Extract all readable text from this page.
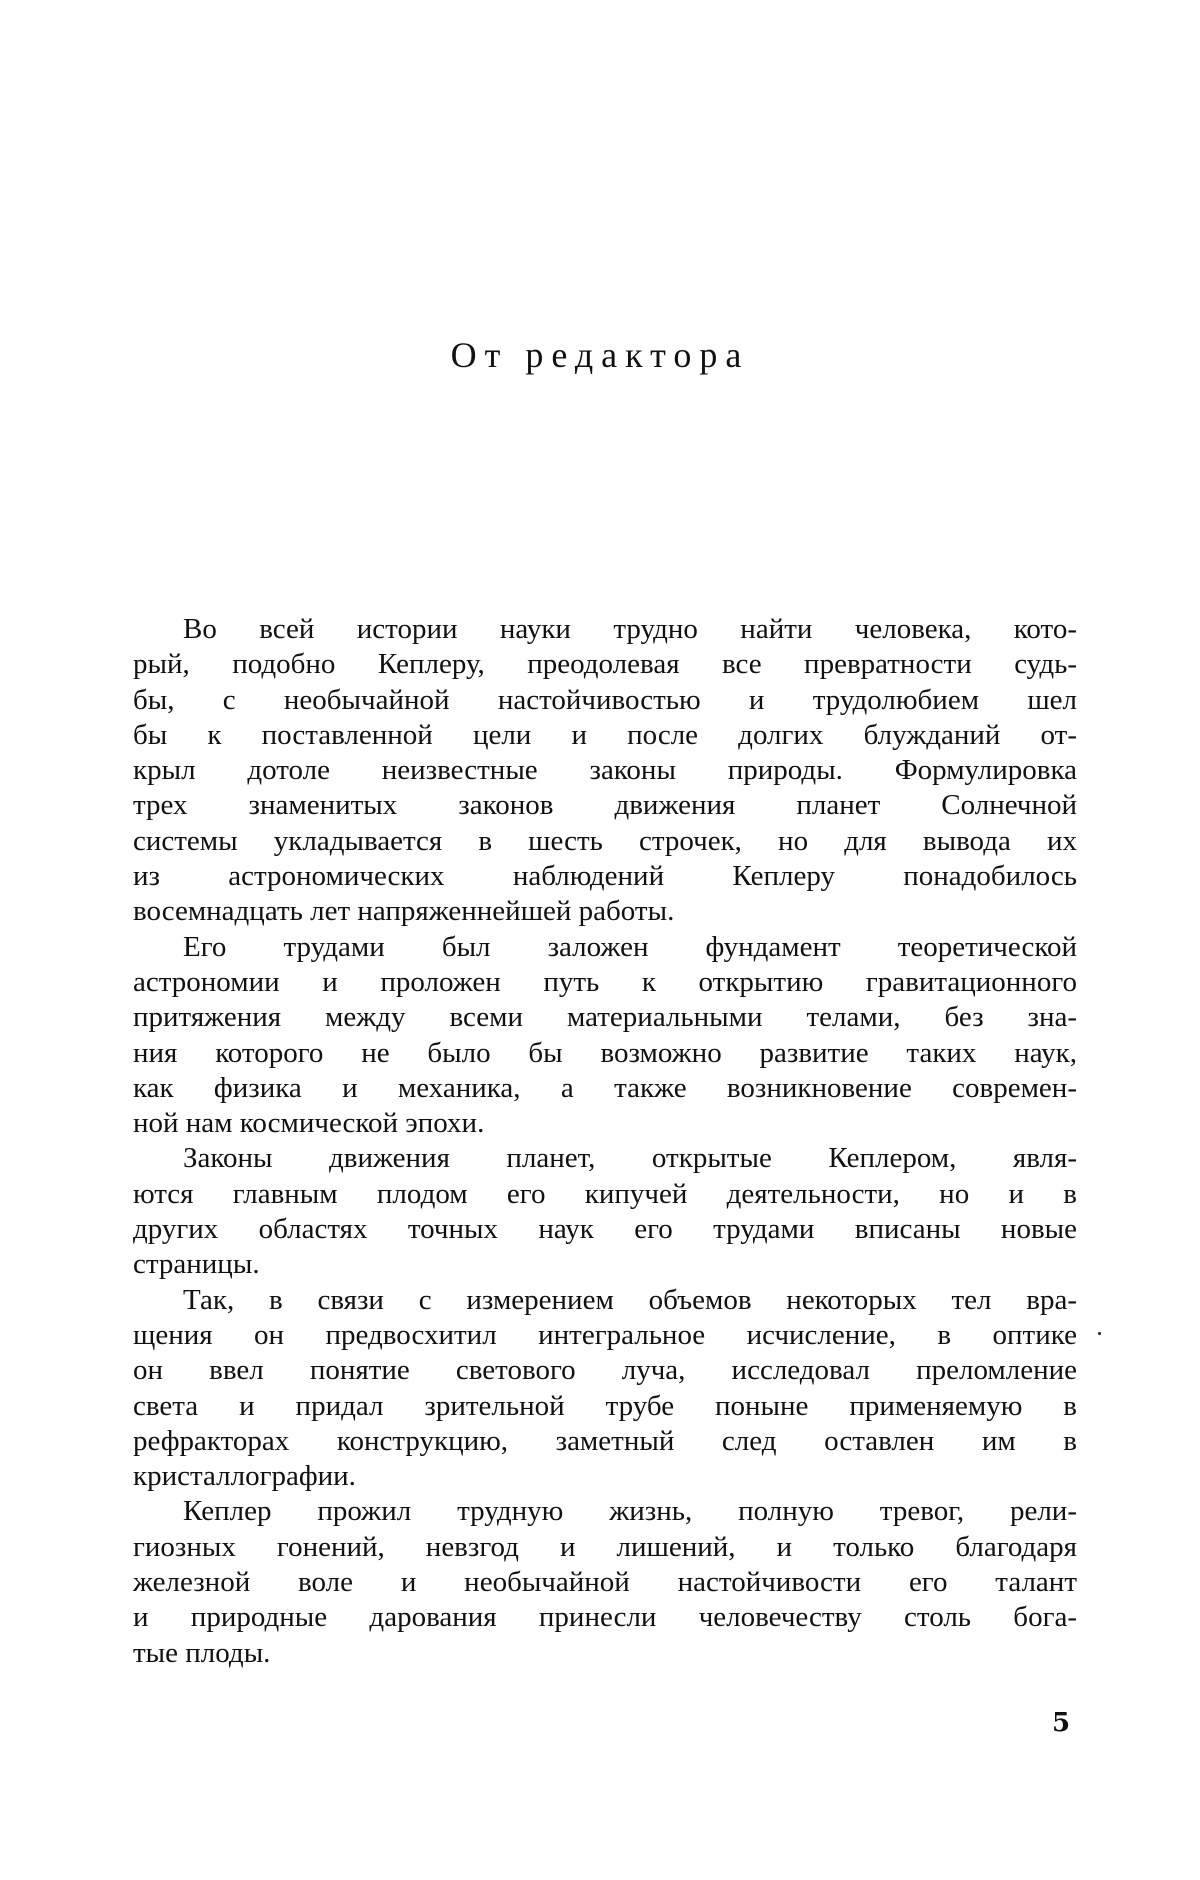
От редактора
Во всей истории науки трудно найти человека, кото-
рый, подобно Кеплеру, преодолевая все превратности судь-
бы, с необычайной настойчивостью и трудолюбием шел
бы к поставленной цели и после долгих блужданий от-
крыл дотоле неизвестные законы природы. Формулировка
трех знаменитых законов движения планет Солнечной
системы укладывается в шесть строчек, но для вывода их
из астрономических наблюдений Кеплеру понадобилось
восемнадцать лет напряженнейшей работы.
Его трудами был заложен фундамент теоретической
астрономии и проложен путь к открытию гравитационного
притяжения между всеми материальными телами, без зна-
ния которого не было бы возможно развитие таких наук,
как физика и механика, а также возникновение современ-
ной нам космической эпохи.
Законы движения планет, открытые Кеплером, явля-
ются главным плодом его кипучей деятельности, но и в
других областях точных наук его трудами вписаны новые
страницы.
Так, в связи с измерением объемов некоторых тел вра-
щения он предвосхитил интегральное исчисление, в оптике
он ввел понятие светового луча, исследовал преломление
света и придал зрительной трубе поныне применяемую в
рефракторах конструкцию, заметный след оставлен им в
кристаллографии.
Кеплер прожил трудную жизнь, полную тревог, рели-
гиозных гонений, невзгод и лишений, и только благодаря
железной воле и необычайной настойчивости его талант
и природные дарования принесли человечеству столь бога-
тые плоды.
5
